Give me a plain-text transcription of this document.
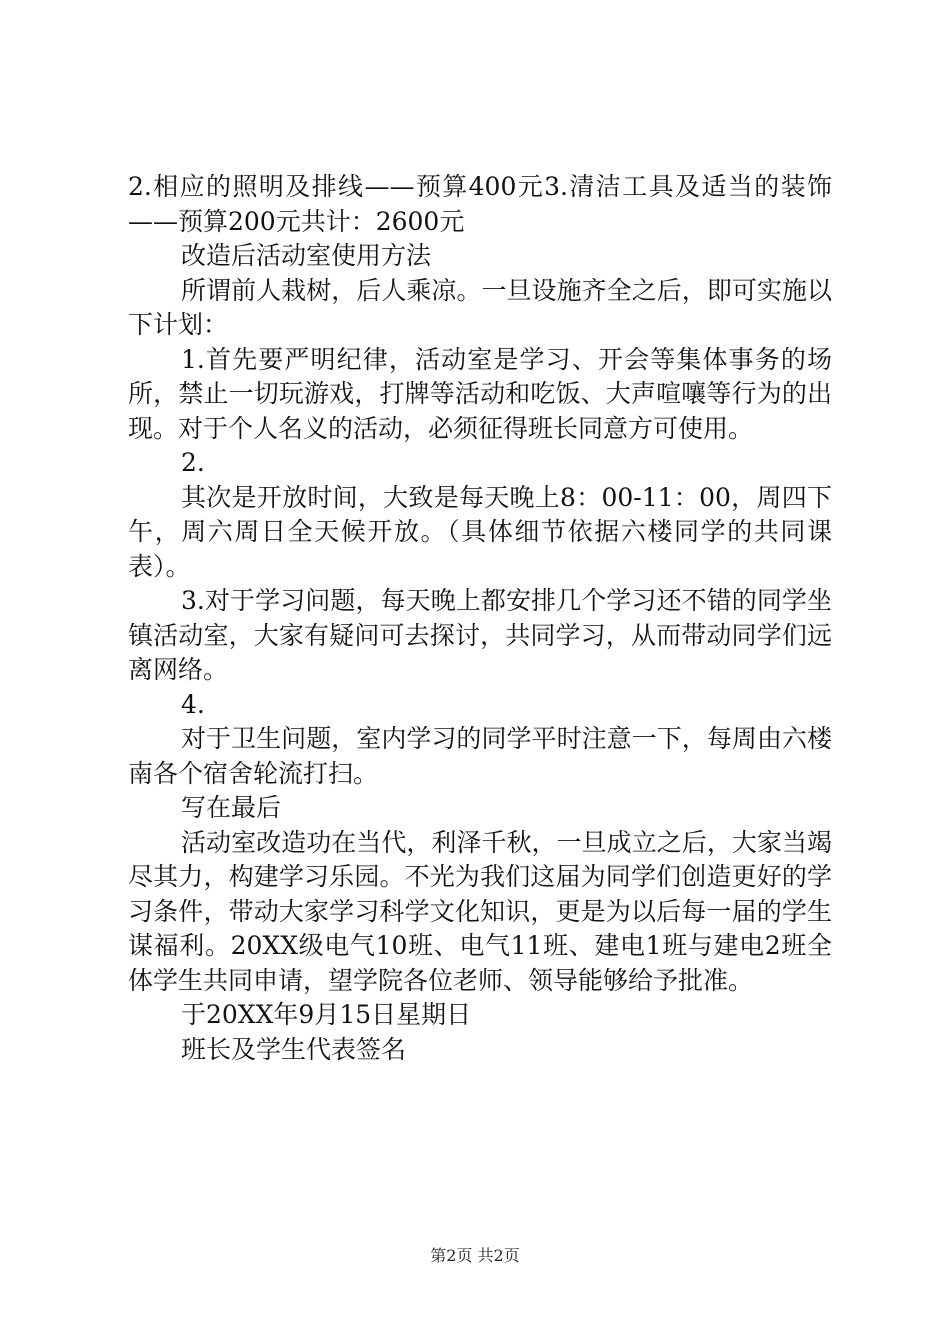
2.相应的照明及排线——预算400元3.清洁工具及适当的装饰——预算200元共计：2600元

改造后活动室使用方法

所谓前人栽树，后人乘凉。一旦设施齐全之后，即可实施以下计划：

1.首先要严明纪律，活动室是学习、开会等集体事务的场所，禁止一切玩游戏，打牌等活动和吃饭、大声喧嚷等行为的出现。对于个人名义的活动，必须征得班长同意方可使用。

2.

其次是开放时间，大致是每天晚上8：00-11：00，周四下午，周六周日全天候开放。（具体细节依据六楼同学的共同课表）。

3.对于学习问题，每天晚上都安排几个学习还不错的同学坐镇活动室，大家有疑问可去探讨，共同学习，从而带动同学们远离网络。

4.

对于卫生问题，室内学习的同学平时注意一下，每周由六楼南各个宿舍轮流打扫。

写在最后

活动室改造功在当代，利泽千秋，一旦成立之后，大家当竭尽其力，构建学习乐园。不光为我们这届为同学们创造更好的学习条件，带动大家学习科学文化知识，更是为以后每一届的学生谋福利。20XX级电气10班、电气11班、建电1班与建电2班全体学生共同申请，望学院各位老师、领导能够给予批准。

于20XX年9月15日星期日

班长及学生代表签名

第2页 共2页
